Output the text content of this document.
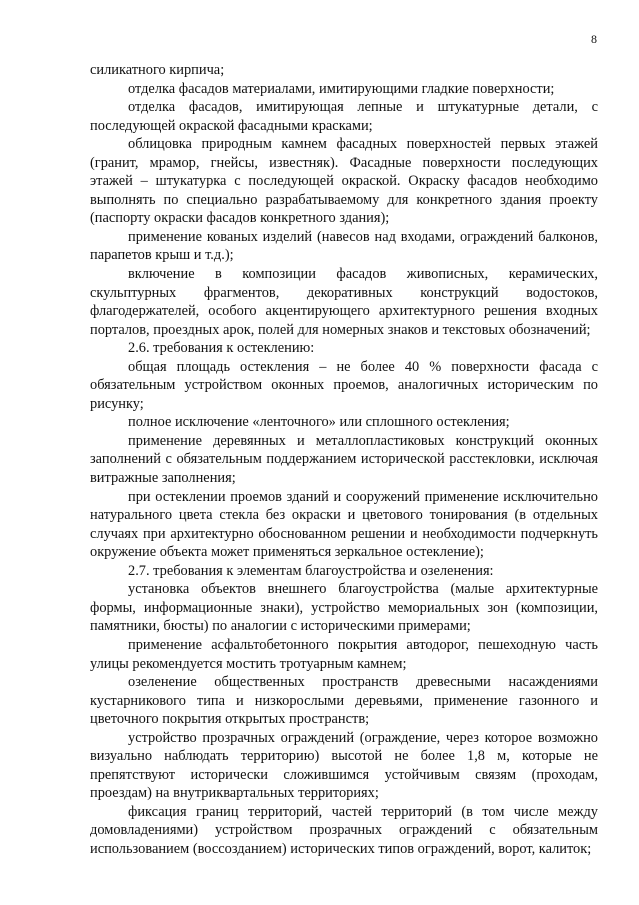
8

силикатного кирпича;

отделка фасадов материалами, имитирующими гладкие поверхности;

отделка фасадов, имитирующая лепные и штукатурные детали, с последующей окраской фасадными красками;

облицовка природным камнем фасадных поверхностей первых этажей (гранит, мрамор, гнейсы, известняк). Фасадные поверхности последующих этажей – штукатурка с последующей окраской. Окраску фасадов необходимо выполнять по специально разрабатываемому для конкретного здания проекту (паспорту окраски фасадов конкретного здания);

применение кованых изделий (навесов над входами, ограждений балконов, парапетов крыш и т.д.);

включение в композиции фасадов живописных, керамических, скульптурных фрагментов, декоративных конструкций водостоков, флагодержателей, особого акцентирующего архитектурного решения входных порталов, проездных арок, полей для номерных знаков и текстовых обозначений;

2.6. требования к остеклению:

общая площадь остекления – не более 40 % поверхности фасада с обязательным устройством оконных проемов, аналогичных историческим по рисунку;

полное исключение «ленточного» или сплошного остекления;

применение деревянных и металлопластиковых конструкций оконных заполнений с обязательным поддержанием исторической расстекловки, исключая витражные заполнения;

при остеклении проемов зданий и сооружений применение исключительно натурального цвета стекла без окраски и цветового тонирования (в отдельных случаях при архитектурно обоснованном решении и необходимости подчеркнуть окружение объекта может применяться зеркальное остекление);

2.7. требования к элементам благоустройства и озеленения:

установка объектов внешнего благоустройства (малые архитектурные формы, информационные знаки), устройство мемориальных зон (композиции, памятники, бюсты) по аналогии с историческими примерами;

применение асфальтобетонного покрытия автодорог, пешеходную часть улицы рекомендуется мостить тротуарным камнем;

озеленение общественных пространств древесными насаждениями кустарникового типа и низкорослыми деревьями, применение газонного и цветочного покрытия открытых пространств;

устройство прозрачных ограждений (ограждение, через которое возможно визуально наблюдать территорию) высотой не более 1,8 м, которые не препятствуют исторически сложившимся устойчивым связям (проходам, проездам) на внутриквартальных территориях;

фиксация границ территорий, частей территорий (в том числе между домовладениями) устройством прозрачных ограждений с обязательным использованием (воссозданием) исторических типов ограждений, ворот, калиток;
